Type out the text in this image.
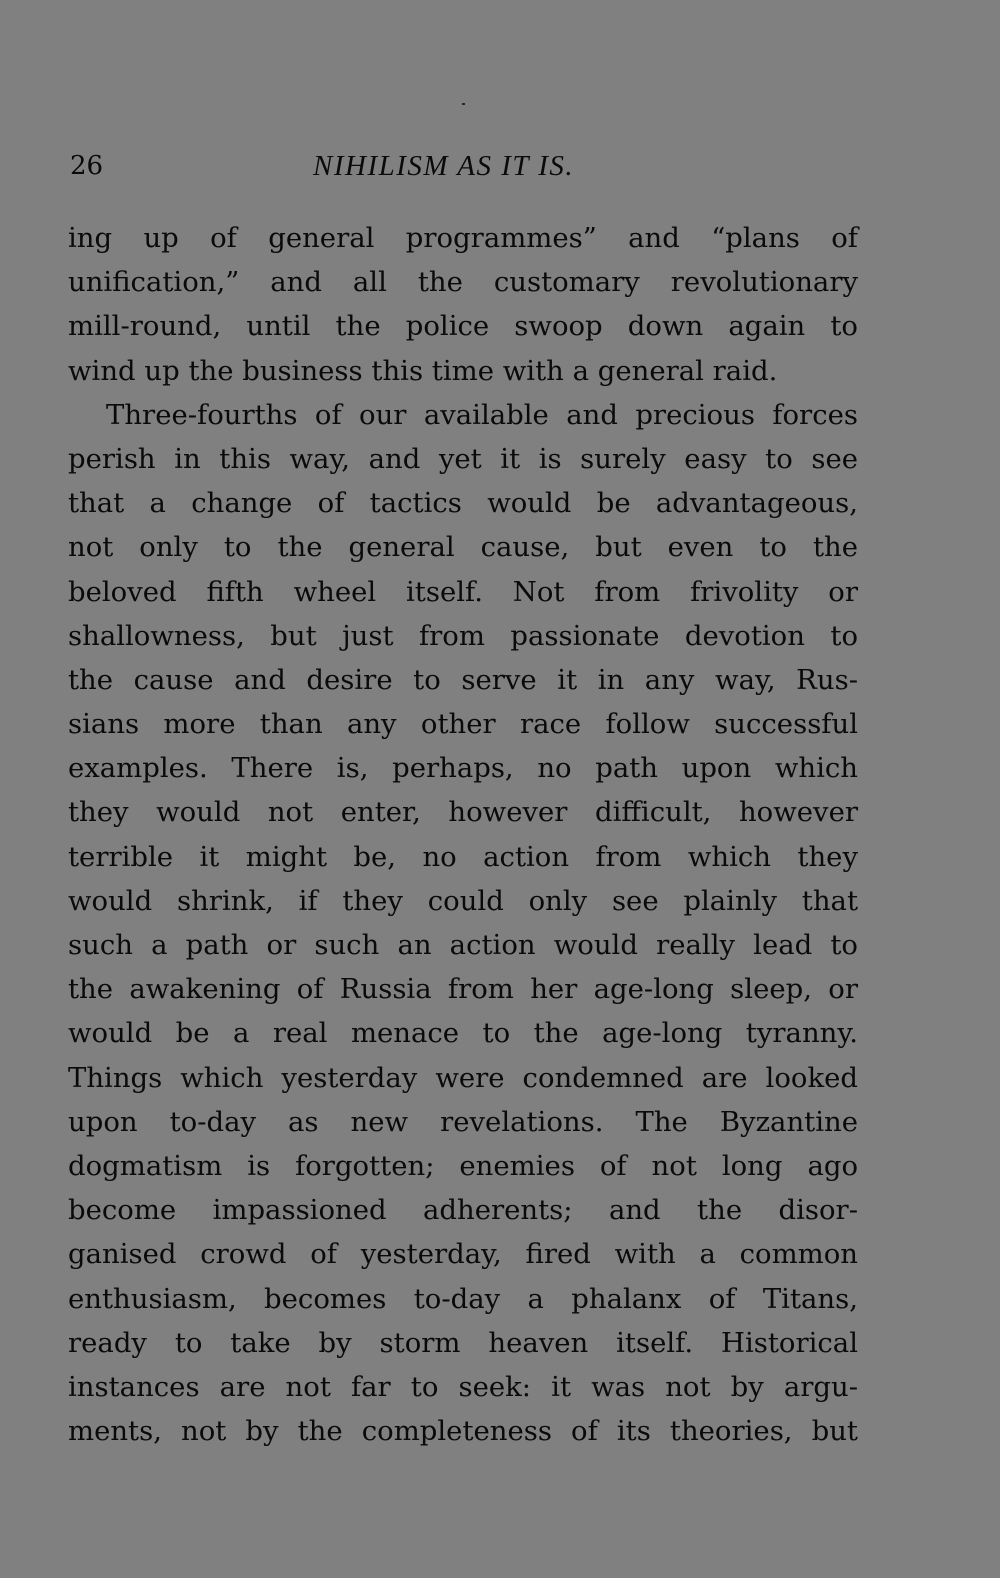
26	NIHILISM AS IT IS.
ing up of general programmes” and “plans of
unification,” and all the customary revolutionary
mill-round, until the police swoop down again to
wind up the business this time with a general raid.
Three-fourths of our available and precious forces
perish in this way, and yet it is surely easy to see
that a change of tactics would be advantageous,
not only to the general cause, but even to the
beloved fifth wheel itself. Not from frivolity or
shallowness, but just from passionate devotion to
the cause and desire to serve it in any way, Rus-
sians more than any other race follow successful
examples. There is, perhaps, no path upon which
they would not enter, however difficult, however
terrible it might be, no action from which they
would shrink, if they could only see plainly that
such a path or such an action would really lead to
the awakening of Russia from her age-long sleep, or
would be a real menace to the age-long tyranny.
Things which yesterday were condemned are looked
upon to-day as new revelations. The Byzantine
dogmatism is forgotten; enemies of not long ago
become impassioned adherents; and the disor-
ganised crowd of yesterday, fired with a common
enthusiasm, becomes to-day a phalanx of Titans,
ready to take by storm heaven itself. Historical
instances are not far to seek: it was not by argu-
ments, not by the completeness of its theories, but
